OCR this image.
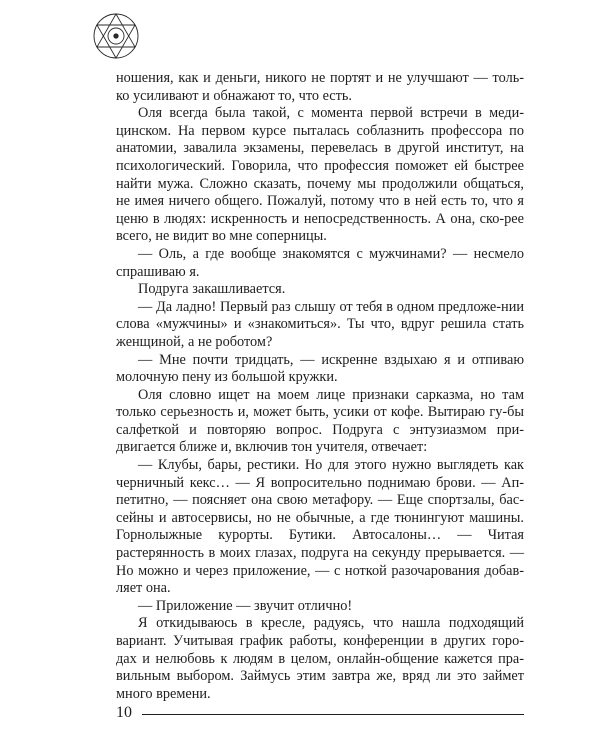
ношения, как и деньги, никого не портят и не улучшают — толь-ко усиливают и обнажают то, что есть.

Оля всегда была такой, с момента первой встречи в меди-цинском. На первом курсе пыталась соблазнить профессора по анатомии, завалила экзамены, перевелась в другой институт, на психологический. Говорила, что профессия поможет ей быстрее найти мужа. Сложно сказать, почему мы продолжили общаться, не имея ничего общего. Пожалуй, потому что в ней есть то, что я ценю в людях: искренность и непосредственность. А она, ско-рее всего, не видит во мне соперницы.

— Оль, а где вообще знакомятся с мужчинами? — несмело спрашиваю я.

Подруга закашливается.

— Да ладно! Первый раз слышу от тебя в одном предложе-нии слова «мужчины» и «знакомиться». Ты что, вдруг решила стать женщиной, а не роботом?

— Мне почти тридцать, — искренне вздыхаю я и отпиваю молочную пену из большой кружки.

Оля словно ищет на моем лице признаки сарказма, но там только серьезность и, может быть, усики от кофе. Вытираю гу-бы салфеткой и повторяю вопрос. Подруга с энтузиазмом при-двигается ближе и, включив тон учителя, отвечает:

— Клубы, бары, рестики. Но для этого нужно выглядеть как черничный кекс… — Я вопросительно поднимаю брови. — Ап-петитно, — поясняет она свою метафору. — Еще спортзалы, бас-сейны и автосервисы, но не обычные, а где тюнингуют машины. Горнолыжные курорты. Бутики. Автосалоны… — Читая растерянность в моих глазах, подруга на секунду прерывается. — Но можно и через приложение, — с ноткой разочарования добав-ляет она.

— Приложение — звучит отлично!

Я откидываюсь в кресле, радуясь, что нашла подходящий вариант. Учитывая график работы, конференции в других горо-дах и нелюбовь к людям в целом, онлайн-общение кажется пра-вильным выбором. Займусь этим завтра же, вряд ли это займет много времени.

10
